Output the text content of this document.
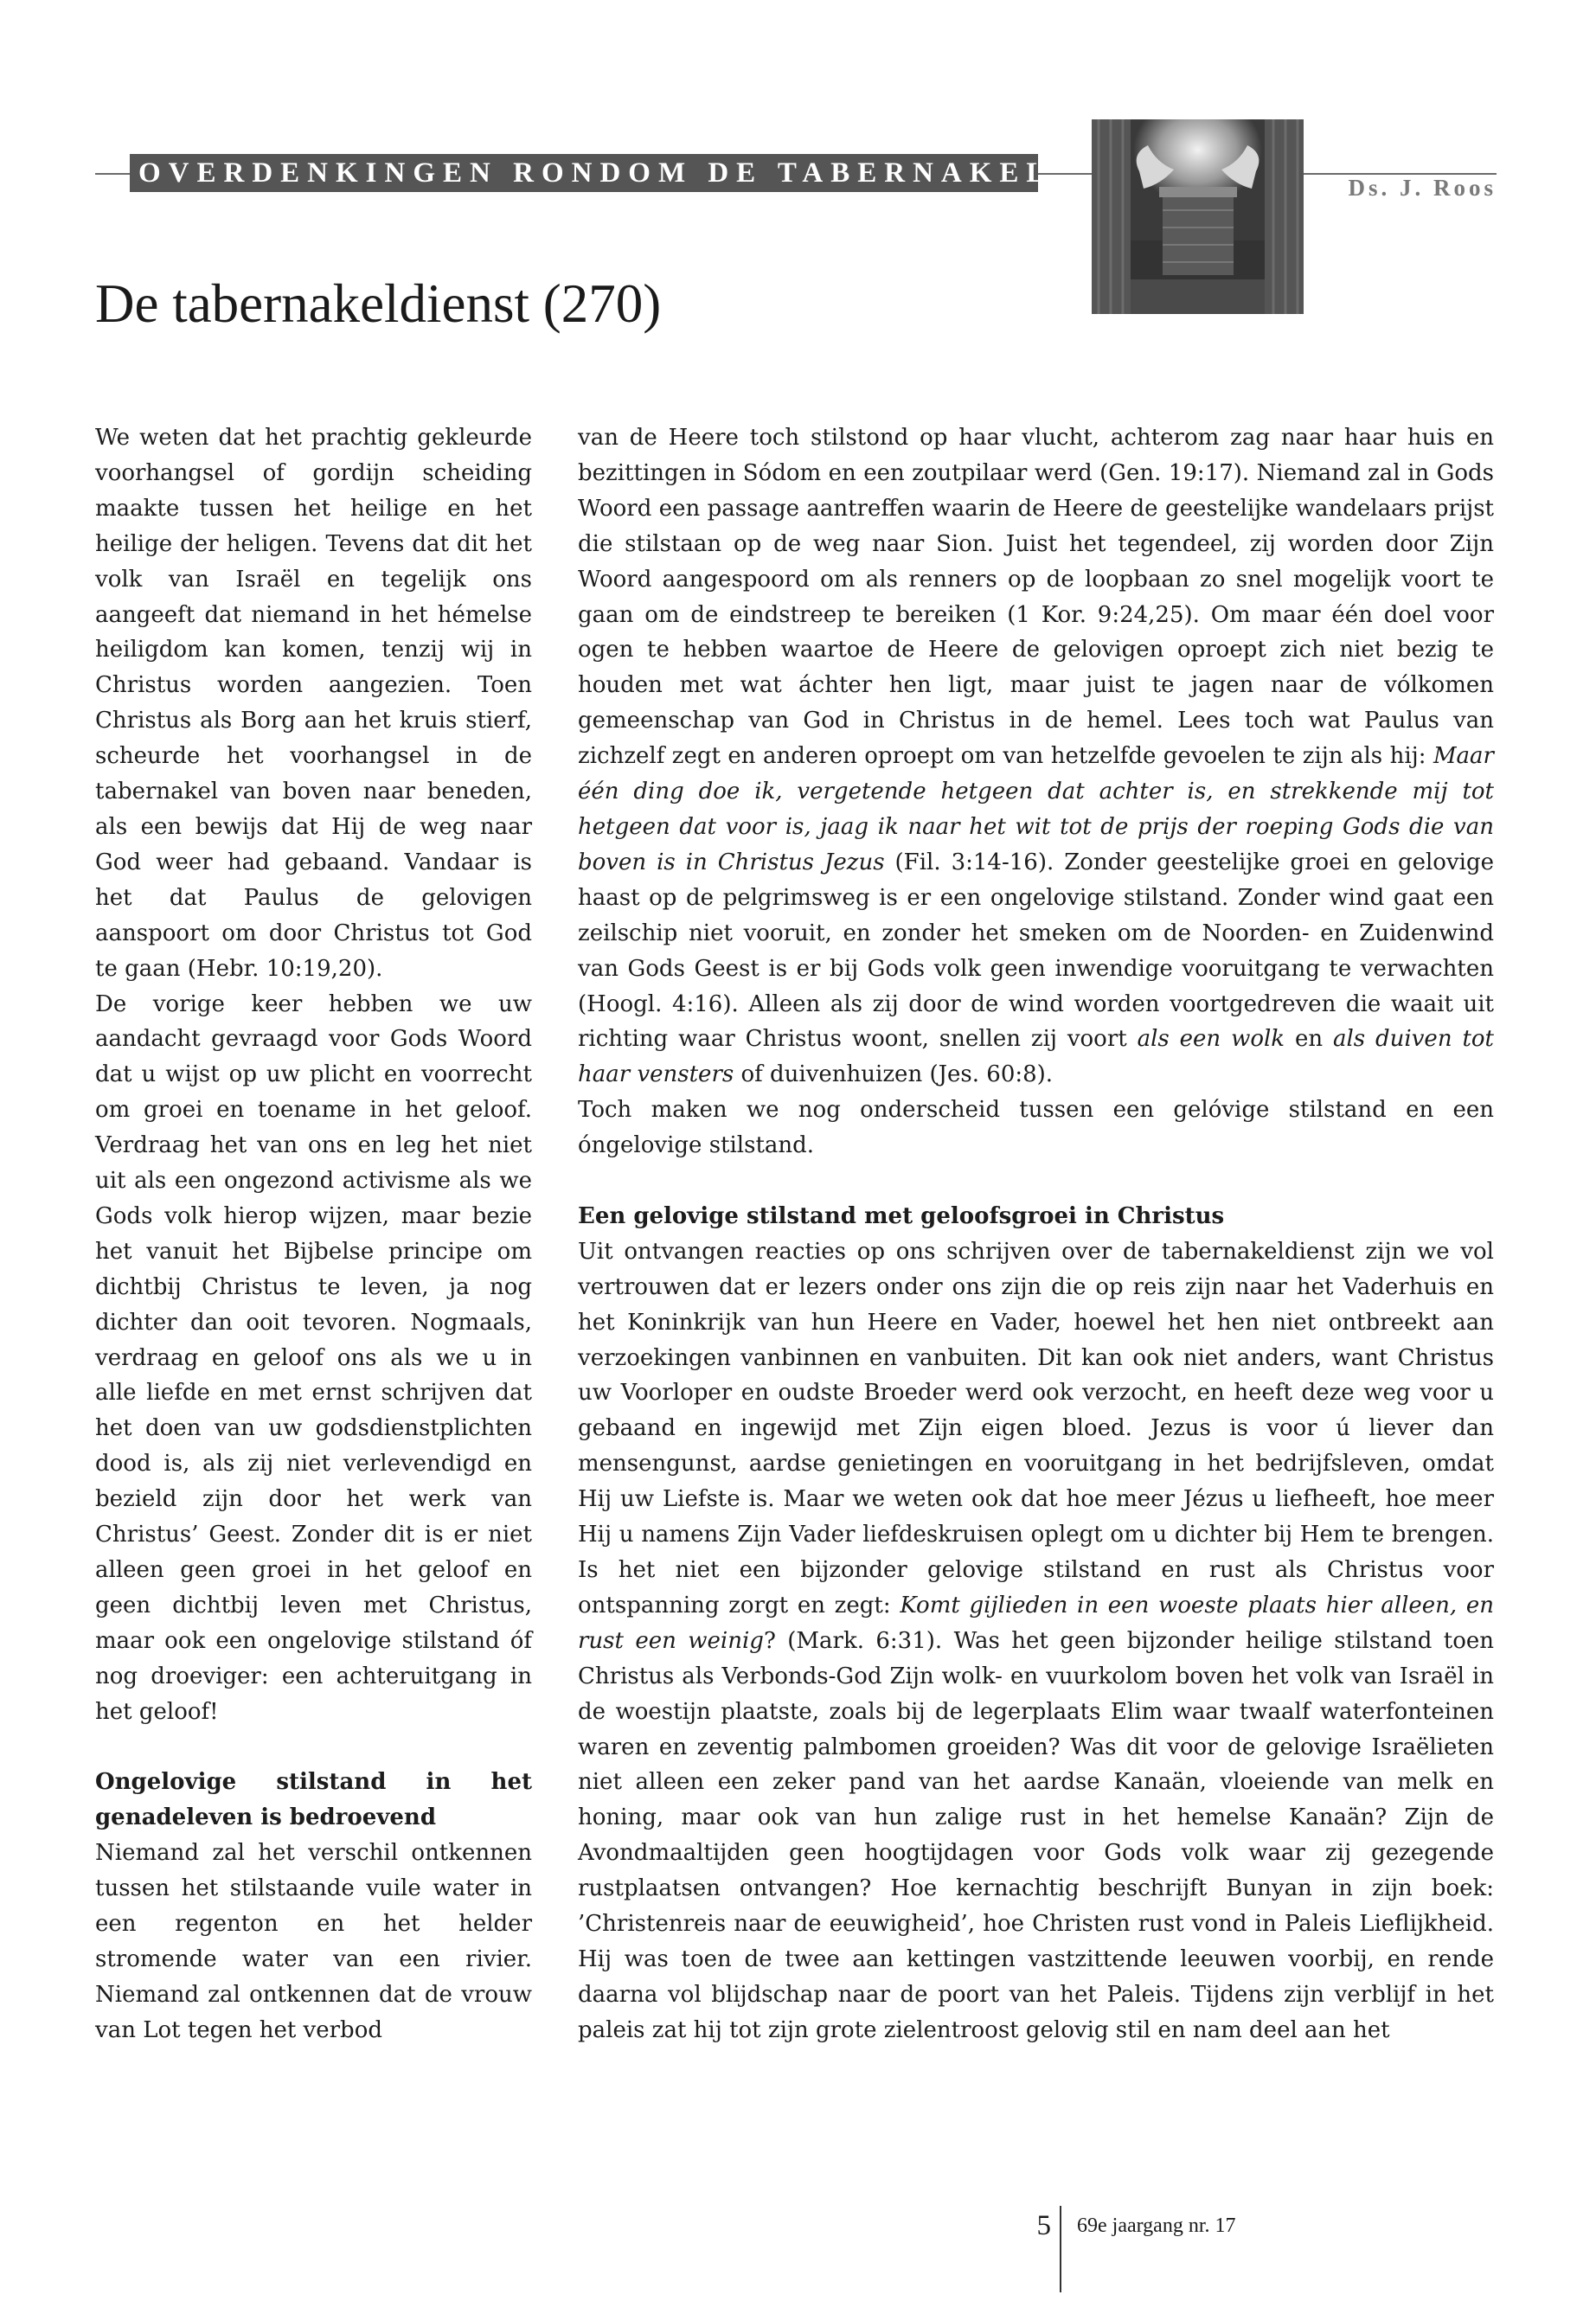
OVERDENKINGEN RONDOM DE TABERNAKEL	Ds. J. Roos
De tabernakeldienst (270)

We weten dat het prachtig gekleurde voorhangsel of gordijn scheiding maakte tussen het heilige en het heilige der heligen. Tevens dat dit het volk van Israël en tegelijk ons aangeeft dat niemand in het hémelse heiligdom kan komen, tenzij wij in Christus worden aangezien. Toen Christus als Borg aan het kruis stierf, scheurde het voorhangsel in de tabernakel van boven naar beneden, als een bewijs dat Hij de weg naar God weer had gebaand. Vandaar is het dat Paulus de gelovigen aanspoort om door Christus tot God te gaan (Hebr. 10:19,20).

De vorige keer hebben we uw aandacht gevraagd voor Gods Woord dat u wijst op uw plicht en voorrecht om groei en toename in het geloof. Verdraag het van ons en leg het niet uit als een ongezond activisme als we Gods volk hierop wijzen, maar bezie het vanuit het Bijbelse principe om dichtbij Christus te leven, ja nog dichter dan ooit tevoren. Nogmaals, verdraag en geloof ons als we u in alle liefde en met ernst schrijven dat het doen van uw godsdienstplichten dood is, als zij niet verlevendigd en bezield zijn door het werk van Christus’ Geest. Zonder dit is er niet alleen geen groei in het geloof en geen dichtbij leven met Christus, maar ook een ongelovige stilstand óf nog droeviger: een achteruitgang in het geloof!

Ongelovige stilstand in het genadeleven is bedroevend

Niemand zal het verschil ontkennen tussen het stilstaande vuile water in een regenton en het helder stromende water van een rivier. Niemand zal ontkennen dat de vrouw van Lot tegen het verbod

van de Heere toch stilstond op haar vlucht, achterom zag naar haar huis en bezittingen in Sódom en een zoutpilaar werd (Gen. 19:17). Niemand zal in Gods Woord een passage aantreffen waarin de Heere de geestelijke wandelaars prijst die stilstaan op de weg naar Sion. Juist het tegendeel, zij worden door Zijn Woord aangespoord om als renners op de loopbaan zo snel mogelijk voort te gaan om de eindstreep te bereiken (1 Kor. 9:24,25). Om maar één doel voor ogen te hebben waartoe de Heere de gelovigen oproept zich niet bezig te houden met wat áchter hen ligt, maar juist te jagen naar de vólkomen gemeenschap van God in Christus in de hemel. Lees toch wat Paulus van zichzelf zegt en anderen oproept om van hetzelfde gevoelen te zijn als hij: Maar één ding doe ik, vergetende hetgeen dat achter is, en strekkende mij tot hetgeen dat voor is, jaag ik naar het wit tot de prijs der roeping Gods die van boven is in Christus Jezus (Fil. 3:14-16). Zonder geestelijke groei en gelovige haast op de pelgrimsweg is er een ongelovige stilstand. Zonder wind gaat een zeilschip niet vooruit, en zonder het smeken om de Noorden- en Zuidenwind van Gods Geest is er bij Gods volk geen inwendige vooruitgang te verwachten (Hoogl. 4:16). Alleen als zij door de wind worden voortgedreven die waait uit richting waar Christus woont, snellen zij voort als een wolk en als duiven tot haar vensters of duivenhuizen (Jes. 60:8).

Toch maken we nog onderscheid tussen een gelóvige stilstand en een óngelovige stilstand.

Een gelovige stilstand met geloofsgroei in Christus

Uit ontvangen reacties op ons schrijven over de tabernakeldienst zijn we vol vertrouwen dat er lezers onder ons zijn die op reis zijn naar het Vaderhuis en het Koninkrijk van hun Heere en Vader, hoewel het hen niet ontbreekt aan verzoekingen vanbinnen en vanbuiten. Dit kan ook niet anders, want Christus uw Voorloper en oudste Broeder werd ook verzocht, en heeft deze weg voor u gebaand en ingewijd met Zijn eigen bloed. Jezus is voor ú liever dan mensengunst, aardse genietingen en vooruitgang in het bedrijfsleven, omdat Hij uw Liefste is. Maar we weten ook dat hoe meer Jézus u liefheeft, hoe meer Hij u namens Zijn Vader liefdeskruisen oplegt om u dichter bij Hem te brengen. Is het niet een bijzonder gelovige stilstand en rust als Christus voor ontspanning zorgt en zegt: Komt gijlieden in een woeste plaats hier alleen, en rust een weinig? (Mark. 6:31). Was het geen bijzonder heilige stilstand toen Christus als Verbonds-God Zijn wolk- en vuurkolom boven het volk van Israël in de woestijn plaatste, zoals bij de legerplaats Elim waar twaalf waterfonteinen waren en zeventig palmbomen groeiden? Was dit voor de gelovige Israëlieten niet alleen een zeker pand van het aardse Kanaän, vloeiende van melk en honing, maar ook van hun zalige rust in het hemelse Kanaän? Zijn de Avondmaaltijden geen hoogtijdagen voor Gods volk waar zij gezegende rustplaatsen ontvangen? Hoe kernachtig beschrijft Bunyan in zijn boek: ’Christenreis naar de eeuwigheid’, hoe Christen rust vond in Paleis Lieflijkheid. Hij was toen de twee aan kettingen vastzittende leeuwen voorbij, en rende daarna vol blijdschap naar de poort van het Paleis. Tijdens zijn verblijf in het paleis zat hij tot zijn grote zielentroost gelovig stil en nam deel aan het

5 69e jaargang nr. 17
